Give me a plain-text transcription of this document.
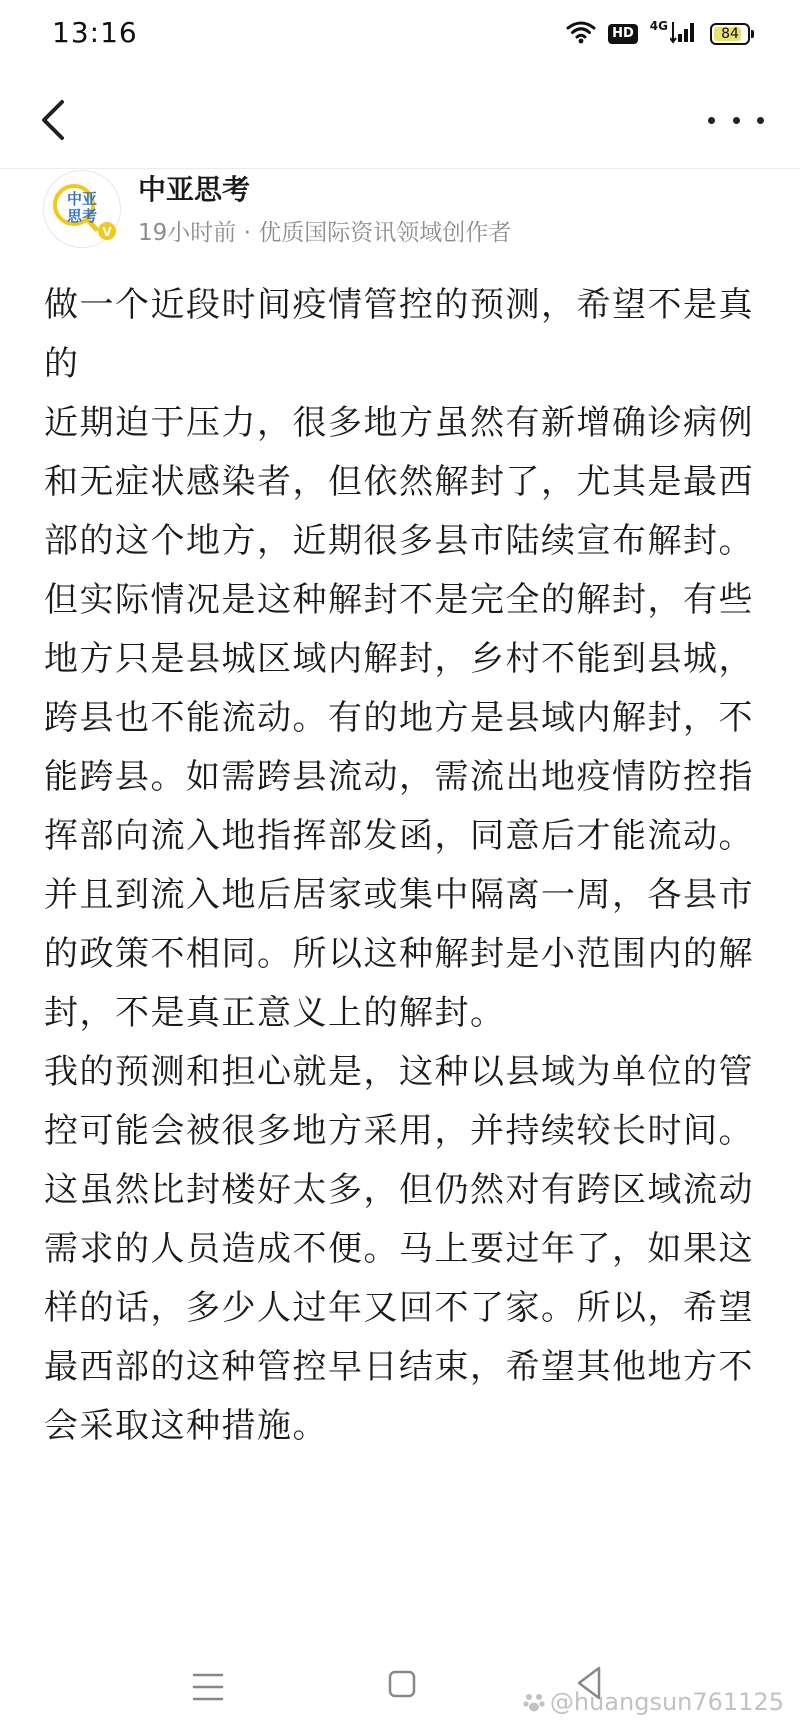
13:16	HD	4G	84
中亚
思考
V
中亚思考
19小时前 · 优质国际资讯领域创作者

做一个近段时间疫情管控的预测，希望不是真的

近期迫于压力，很多地方虽然有新增确诊病例和无症状感染者，但依然解封了，尤其是最西部的这个地方，近期很多县市陆续宣布解封。

但实际情况是这种解封不是完全的解封，有些地方只是县城区域内解封，乡村不能到县城，跨县也不能流动。有的地方是县域内解封，不能跨县。如需跨县流动，需流出地疫情防控指挥部向流入地指挥部发函，同意后才能流动。并且到流入地后居家或集中隔离一周，各县市的政策不相同。所以这种解封是小范围内的解封，不是真正意义上的解封。

我的预测和担心就是，这种以县域为单位的管控可能会被很多地方采用，并持续较长时间。这虽然比封楼好太多，但仍然对有跨区域流动需求的人员造成不便。马上要过年了，如果这样的话，多少人过年又回不了家。所以，希望最西部的这种管控早日结束，希望其他地方不会采取这种措施。

@huangsun761125
